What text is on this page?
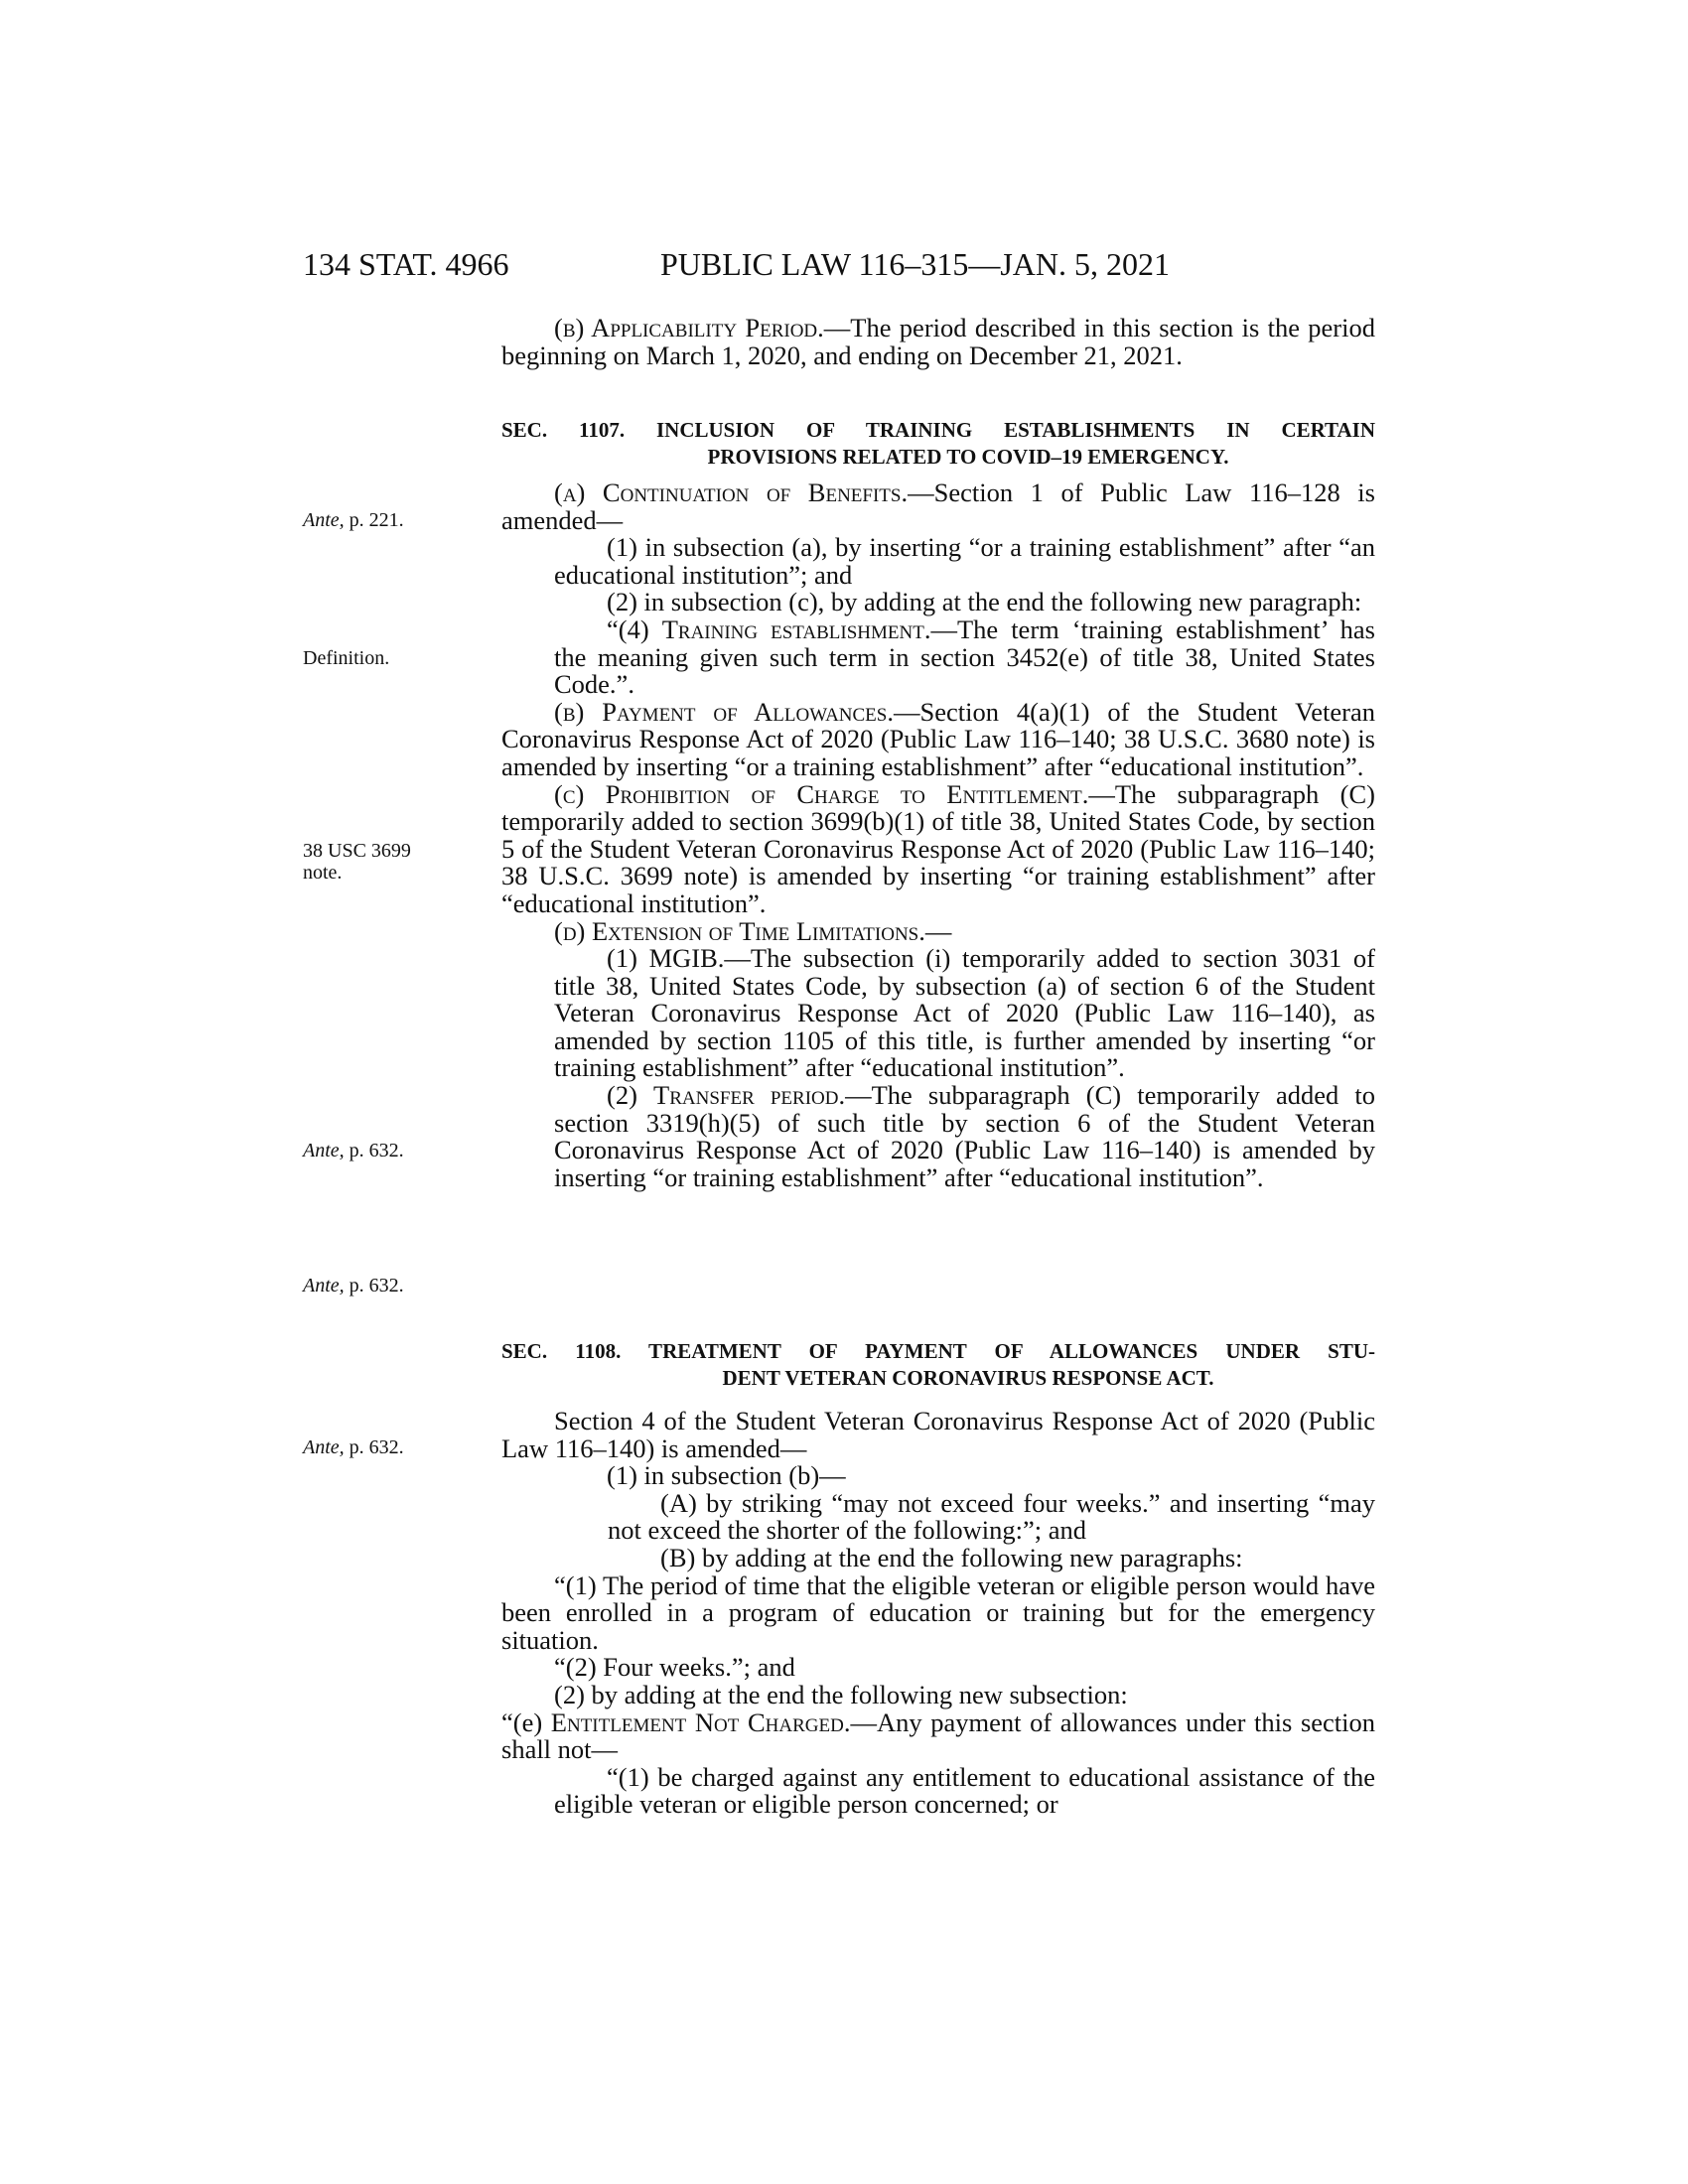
134 STAT. 4966	PUBLIC LAW 116–315—JAN. 5, 2021
Ante, p. 221.
Definition.
38 USC 3699
note.
Ante, p. 632.
Ante, p. 632.
Ante, p. 632.

(b) Applicability Period.—The period described in this section is the period beginning on March 1, 2020, and ending on December 21, 2021.

SEC. 1107. INCLUSION OF TRAINING ESTABLISHMENTS IN CERTAIN
PROVISIONS RELATED TO COVID–19 EMERGENCY.

(a) Continuation of Benefits.—Section 1 of Public Law 116–128 is amended—

(1) in subsection (a), by inserting “or a training establishment” after “an educational institution”; and

(2) in subsection (c), by adding at the end the following new paragraph:

“(4) Training establishment.—The term ‘training establishment’ has the meaning given such term in section 3452(e) of title 38, United States Code.”.

(b) Payment of Allowances.—Section 4(a)(1) of the Student Veteran Coronavirus Response Act of 2020 (Public Law 116–140; 38 U.S.C. 3680 note) is amended by inserting “or a training establishment” after “educational institution”.

(c) Prohibition of Charge to Entitlement.—The subparagraph (C) temporarily added to section 3699(b)(1) of title 38, United States Code, by section 5 of the Student Veteran Coronavirus Response Act of 2020 (Public Law 116–140; 38 U.S.C. 3699 note) is amended by inserting “or training establishment” after “educational institution”.

(d) Extension of Time Limitations.—

(1) MGIB.—The subsection (i) temporarily added to section 3031 of title 38, United States Code, by subsection (a) of section 6 of the Student Veteran Coronavirus Response Act of 2020 (Public Law 116–140), as amended by section 1105 of this title, is further amended by inserting “or training establishment” after “educational institution”.

(2) Transfer period.—The subparagraph (C) temporarily added to section 3319(h)(5) of such title by section 6 of the Student Veteran Coronavirus Response Act of 2020 (Public Law 116–140) is amended by inserting “or training establishment” after “educational institution”.

SEC. 1108. TREATMENT OF PAYMENT OF ALLOWANCES UNDER STU-
DENT VETERAN CORONAVIRUS RESPONSE ACT.

Section 4 of the Student Veteran Coronavirus Response Act of 2020 (Public Law 116–140) is amended—

(1) in subsection (b)—

(A) by striking “may not exceed four weeks.” and inserting “may not exceed the shorter of the following:”; and

(B) by adding at the end the following new paragraphs:

“(1) The period of time that the eligible veteran or eligible person would have been enrolled in a program of education or training but for the emergency situation.

“(2) Four weeks.”; and

(2) by adding at the end the following new subsection:

“(e) Entitlement Not Charged.—Any payment of allowances under this section shall not—

“(1) be charged against any entitlement to educational assistance of the eligible veteran or eligible person concerned; or
